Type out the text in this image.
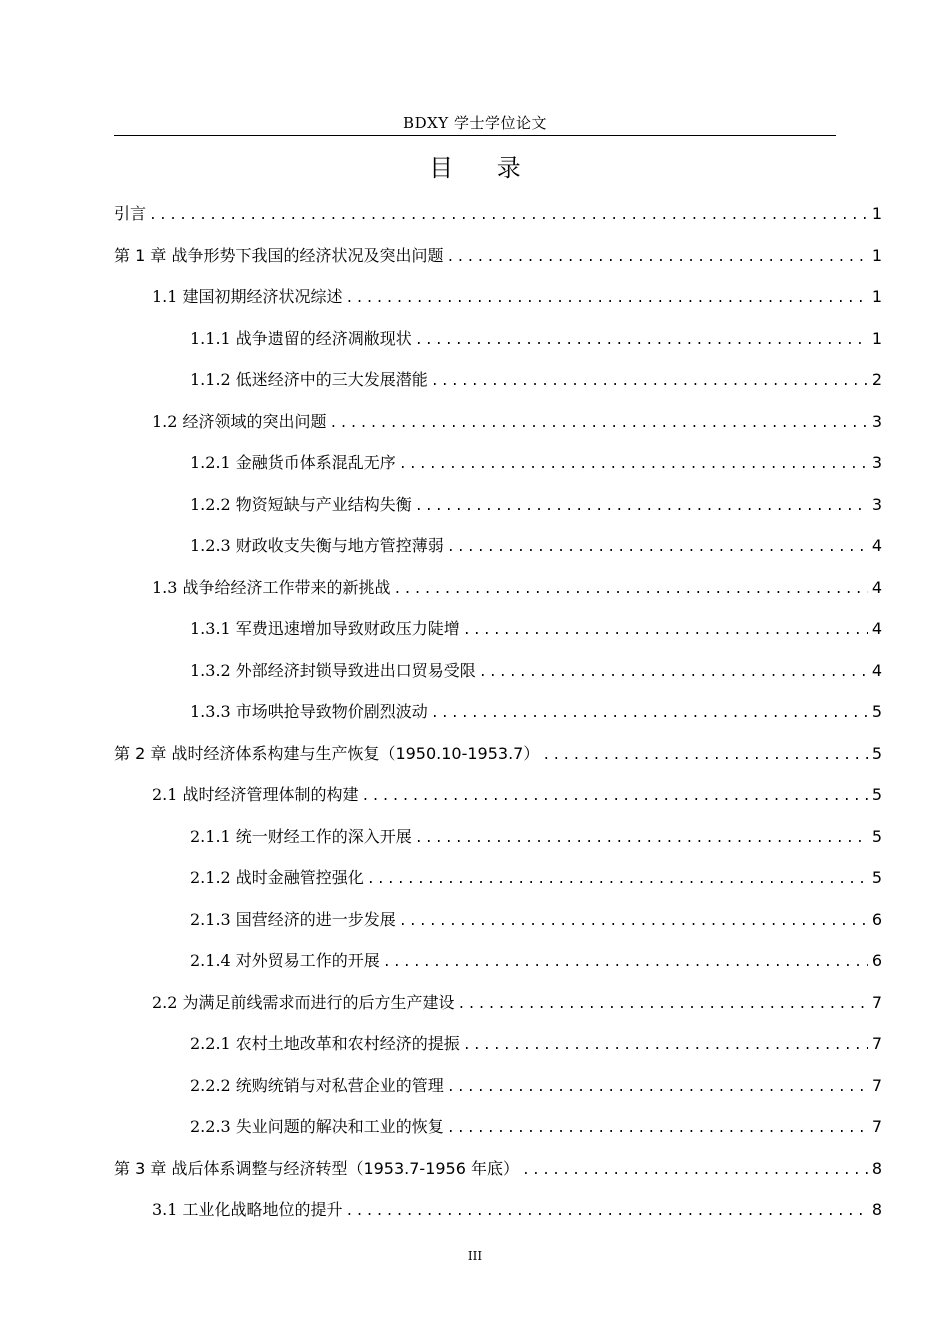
BDXY 学士学位论文
目 录
引言 .....	1
第 1 章 战争形势下我国的经济状况及突出问题 .....	1
1.1 建国初期经济状况综述 .....	1
1.1.1 战争遗留的经济凋敝现状 .....	1
1.1.2 低迷经济中的三大发展潜能 .....	2
1.2 经济领域的突出问题 .....	3
1.2.1 金融货币体系混乱无序 .....	3
1.2.2 物资短缺与产业结构失衡 .....	3
1.2.3 财政收支失衡与地方管控薄弱 .....	4
1.3 战争给经济工作带来的新挑战 .....	4
1.3.1 军费迅速增加导致财政压力陡增 .....	4
1.3.2 外部经济封锁导致进出口贸易受限 .....	4
1.3.3 市场哄抢导致物价剧烈波动 .....	5
第 2 章 战时经济体系构建与生产恢复（1950.10-1953.7） .....	5
2.1 战时经济管理体制的构建 .....	5
2.1.1 统一财经工作的深入开展 .....	5
2.1.2 战时金融管控强化 .....	5
2.1.3 国营经济的进一步发展 .....	6
2.1.4 对外贸易工作的开展 .....	6
2.2 为满足前线需求而进行的后方生产建设 .....	7
2.2.1 农村土地改革和农村经济的提振 .....	7
2.2.2 统购统销与对私营企业的管理 .....	7
2.2.3 失业问题的解决和工业的恢复 .....	7
第 3 章 战后体系调整与经济转型（1953.7-1956 年底） .....	8
3.1 工业化战略地位的提升 .....	8
III
